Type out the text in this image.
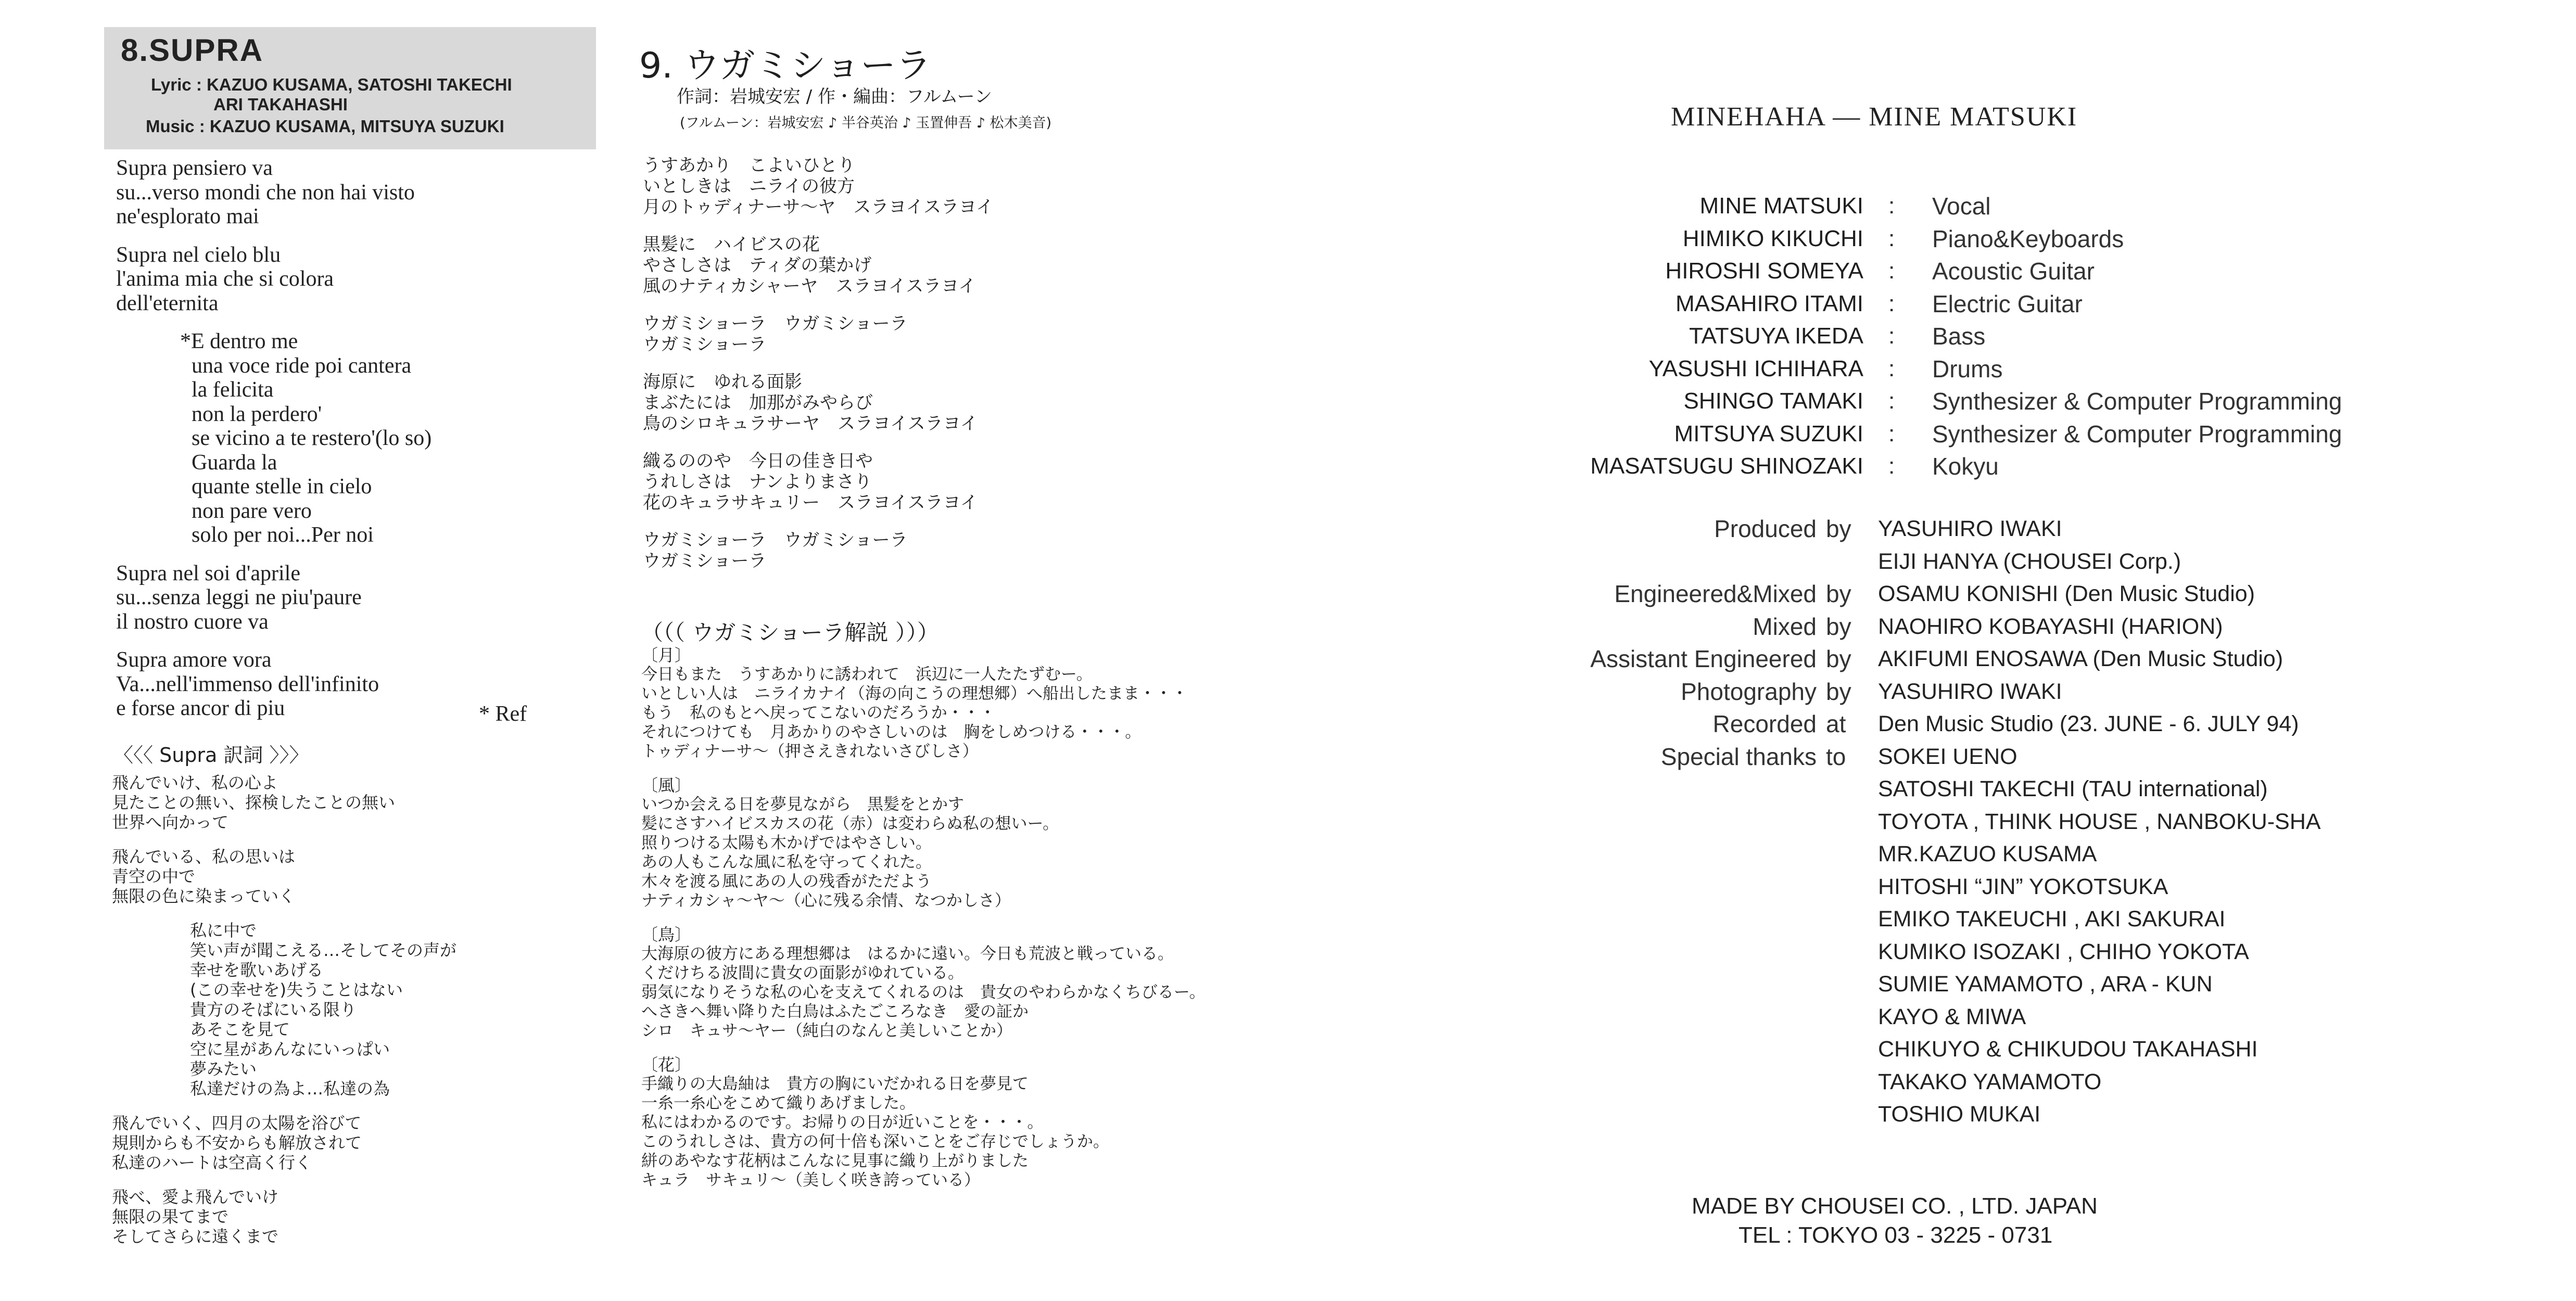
8.SUPRA
Lyric : KAZUO KUSAMA, SATOSHI TAKECHI
ARI TAKAHASHI
Music : KAZUO KUSAMA, MITSUYA SUZUKI
Supra pensiero va
su...verso mondi che non hai visto
ne'esplorato mai
Supra nel cielo blu
l'anima mia che si colora
dell'eternita
*E dentro me
una voce ride poi cantera
la felicita
non la perdero'
se vicino a te restero'(lo so)
Guarda la
quante stelle in cielo
non pare vero
solo per noi...Per noi
Supra nel soi d'aprile
su...senza leggi ne piu'paure
il nostro cuore va
Supra amore vora
Va...nell'immenso dell'infinito
e forse ancor di piu	* Ref
〈〈〈 Supra 訳詞 〉〉〉
飛んでいけ、私の心よ
見たことの無い、探検したことの無い
世界へ向かって
飛んでいる、私の思いは
青空の中で
無限の色に染まっていく
私に中で
笑い声が聞こえる…そしてその声が
幸せを歌いあげる
(この幸せを)失うことはない
貴方のそばにいる限り
あそこを見て
空に星があんなにいっぱい
夢みたい
私達だけの為よ…私達の為
飛んでいく、四月の太陽を浴びて
規則からも不安からも解放されて
私達のハートは空高く行く
飛べ、愛よ飛んでいけ
無限の果てまで
そしてさらに遠くまで
9. ウガミショーラ
作詞：岩城安宏 / 作・編曲：フルムーン
(フルムーン：岩城安宏 ♪ 半谷英治 ♪ 玉置伸吾 ♪ 松木美音)
うすあかり　こよいひとり
いとしきは　ニライの彼方
月のトゥディナーサ～ヤ　スラヨイスラヨイ
黒髪に　ハイビスの花
やさしさは　ティダの葉かげ
風のナティカシャーヤ　スラヨイスラヨイ
ウガミショーラ　ウガミショーラ
ウガミショーラ
海原に　ゆれる面影
まぶたには　加那がみやらび
鳥のシロキュラサーヤ　スラヨイスラヨイ
織るののや　今日の佳き日や
うれしさは　ナンよりまさり
花のキュラサキュリー　スラヨイスラヨイ
ウガミショーラ　ウガミショーラ
ウガミショーラ
（（（ ウガミショーラ解説 ）））
〔月〕
今日もまた　うすあかりに誘われて　浜辺に一人たたずむー。
いとしい人は　ニライカナイ（海の向こうの理想郷）へ船出したまま・・・
もう　私のもとへ戻ってこないのだろうか・・・
それにつけても　月あかりのやさしいのは　胸をしめつける・・・。
トゥディナーサ～（押さえきれないさびしさ）
〔風〕
いつか会える日を夢見ながら　黒髪をとかす
髪にさすハイビスカスの花（赤）は変わらぬ私の想いー。
照りつける太陽も木かげではやさしい。
あの人もこんな風に私を守ってくれた。
木々を渡る風にあの人の残香がただよう
ナティカシャ～ヤ～（心に残る余情、なつかしさ）
〔鳥〕
大海原の彼方にある理想郷は　はるかに遠い。今日も荒波と戦っている。
くだけちる波間に貴女の面影がゆれている。
弱気になりそうな私の心を支えてくれるのは　貴女のやわらかなくちびるー。
へさきへ舞い降りた白鳥はふたごころなき　愛の証か
シロ　キュサ～ヤー（純白のなんと美しいことか）
〔花〕
手織りの大島紬は　貴方の胸にいだかれる日を夢見て
一糸一糸心をこめて織りあげました。
私にはわかるのです。お帰りの日が近いことを・・・。
このうれしさは、貴方の何十倍も深いことをご存じでしょうか。
絣のあやなす花柄はこんなに見事に織り上がりました
キュラ　サキュリ～（美しく咲き誇っている）
MINEHAHA ― MINE MATSUKI
MINE MATSUKI
HIMIKO KIKUCHI
HIROSHI SOMEYA
MASAHIRO ITAMI
TATSUYA IKEDA
YASUSHI ICHIHARA
SHINGO TAMAKI
MITSUYA SUZUKI
MASATSUGU SHINOZAKI
:
:
:
:
:
:
:
:
:
Vocal
Piano&Keyboards
Acoustic Guitar
Electric Guitar
Bass
Drums
Synthesizer & Computer Programming
Synthesizer & Computer Programming
Kokyu
Produced

Engineered&Mixed
Mixed
Assistant Engineered
Photography
Recorded
Special thanks
by

by
by
by
by
at
to
YASUHIRO IWAKI
EIJI HANYA (CHOUSEI Corp.)
OSAMU KONISHI (Den Music Studio)
NAOHIRO KOBAYASHI (HARION)
AKIFUMI ENOSAWA (Den Music Studio)
YASUHIRO IWAKI
Den Music Studio (23. JUNE - 6. JULY 94)
SOKEI UENO
SATOSHI TAKECHI (TAU international)
TOYOTA , THINK HOUSE , NANBOKU-SHA
MR.KAZUO KUSAMA
HITOSHI “JIN” YOKOTSUKA
EMIKO TAKEUCHI , AKI SAKURAI
KUMIKO ISOZAKI , CHIHO YOKOTA
SUMIE YAMAMOTO , ARA - KUN
KAYO & MIWA
CHIKUYO & CHIKUDOU TAKAHASHI
TAKAKO YAMAMOTO
TOSHIO MUKAI
MADE BY CHOUSEI CO. , LTD. JAPAN
TEL : TOKYO 03 - 3225 - 0731
